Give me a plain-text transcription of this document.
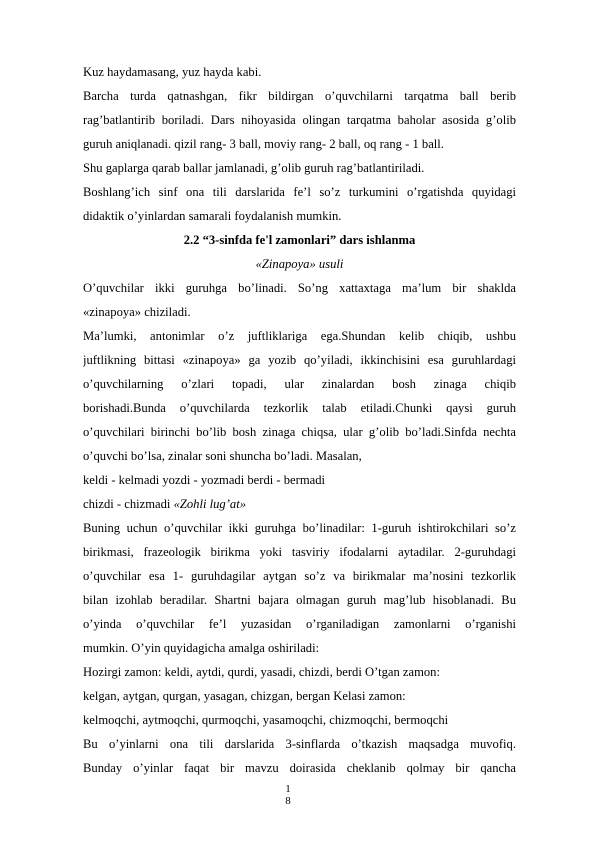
Kuz haydamasang, yuz hayda kabi.
Barcha turda qatnashgan, fikr bildirgan o’quvchilarni tarqatma ball berib
rag’batlantirib boriladi. Dars nihoyasida olingan tarqatma baholar asosida g’olib
guruh aniqlanadi. qizil rang- 3 ball, moviy rang- 2 ball, oq rang - 1 ball.
Shu gaplarga qarab ballar jamlanadi, g’olib guruh rag’batlantiriladi.
Boshlang’ich sinf ona tili darslarida fe’l so’z turkumini o’rgatishda quyidagi
didaktik o’yinlardan samarali foydalanish mumkin.
2.2 “3-sinfda fe'l zamonlari” dars ishlanma
«Zinapoya» usuli
O’quvchilar ikki guruhga bo’linadi. So’ng xattaxtaga ma’lum bir shaklda
«zinapoya» chiziladi.
Ma’lumki, antonimlar o’z juftliklariga ega.Shundan kelib chiqib, ushbu
juftlikning bittasi «zinapoya» ga yozib qo’yiladi, ikkinchisini esa guruhlardagi
o’quvchilarning o’zlari topadi, ular zinalardan bosh zinaga chiqib
borishadi.Bunda o’quvchilarda tezkorlik talab etiladi.Chunki qaysi guruh
o’quvchilari birinchi bo’lib bosh zinaga chiqsa, ular g’olib bo’ladi.Sinfda nechta
o’quvchi bo’lsa, zinalar soni shuncha bo’ladi. Masalan,
keldi - kelmadi yozdi - yozmadi berdi - bermadi
chizdi - chizmadi «Zohli lug’at»
Buning uchun o’quvchilar ikki guruhga bo’linadilar: 1-guruh ishtirokchilari so’z
birikmasi, frazeologik birikma yoki tasviriy ifodalarni aytadilar. 2-guruhdagi
o’quvchilar esa 1- guruhdagilar aytgan so’z va birikmalar ma’nosini tezkorlik
bilan izohlab beradilar. Shartni bajara olmagan guruh mag’lub hisoblanadi. Bu
o’yinda o’quvchilar fe’l yuzasidan o’rganiladigan zamonlarni o’rganishi
mumkin. O’yin quyidagicha amalga oshiriladi:
Hozirgi zamon: keldi, aytdi, qurdi, yasadi, chizdi, berdi O’tgan zamon:
kelgan, aytgan, qurgan, yasagan, chizgan, bergan Kelasi zamon:
kelmoqchi, aytmoqchi, qurmoqchi, yasamoqchi, chizmoqchi, bermoqchi
Bu o’yinlarni ona tili darslarida 3-sinflarda o’tkazish maqsadga muvofiq.
Bunday o’yinlar faqat bir mavzu doirasida cheklanib qolmay bir qancha
1
8
